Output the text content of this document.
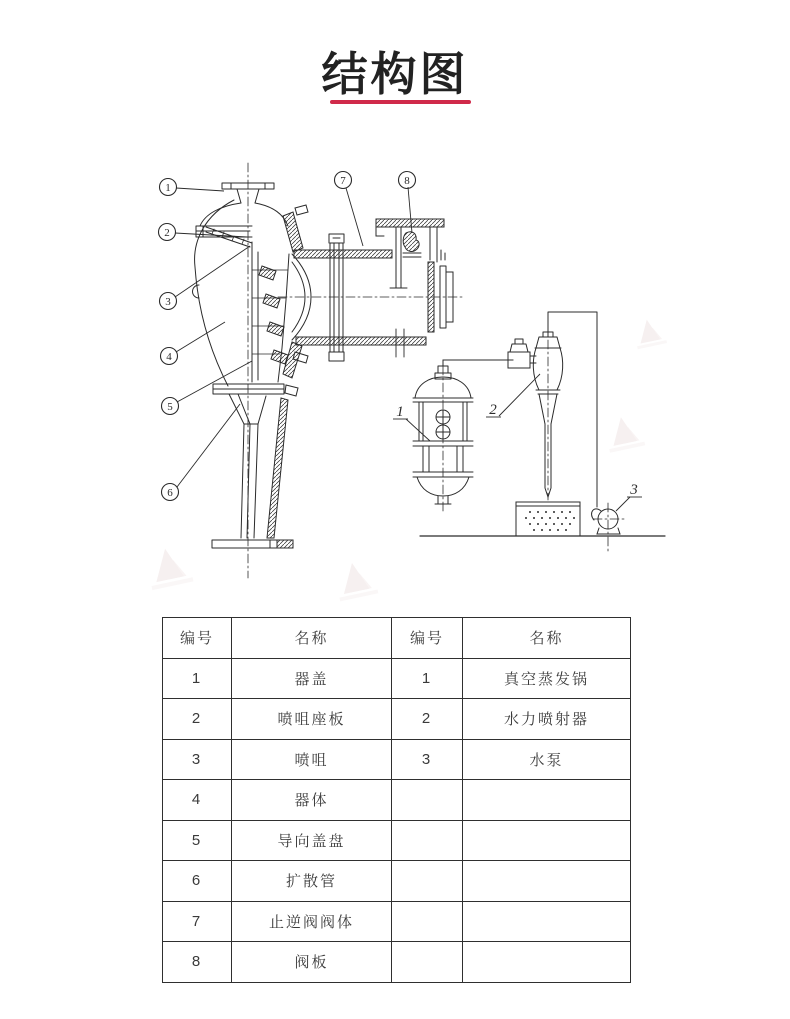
结构图
1
2
3
4
5
6
7	8
1	2
3
编号	名称	编号	名称
1	器盖	1	真空蒸发锅
2	喷咀座板	2	水力喷射器
3	喷咀	3	水泵
4	器体		
5	导向盖盘		
6	扩散管		
7	止逆阀阀体		
8	阀板		
